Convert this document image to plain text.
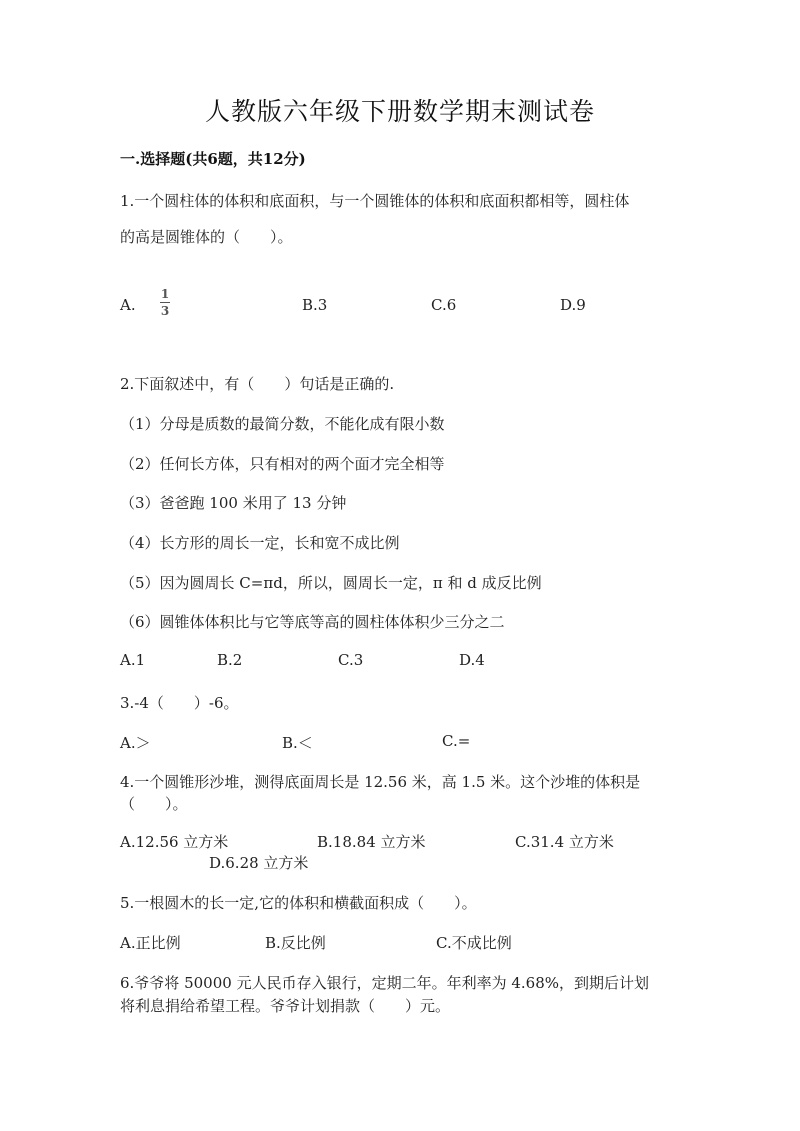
人教版六年级下册数学期末测试卷
一.选择题(共6题，共12分)
1.一个圆柱体的体积和底面积，与一个圆锥体的体积和底面积都相等，圆柱体
的高是圆锥体的（　　）。
A.
1
3	B.3	C.6	D.9
2.下面叙述中，有（　　）句话是正确的.
（1）分母是质数的最简分数，不能化成有限小数
（2）任何长方体，只有相对的两个面才完全相等
（3）爸爸跑 100 米用了 13 分钟
（4）长方形的周长一定，长和宽不成比例
（5）因为圆周长 C=πd，所以，圆周长一定，π 和 d 成反比例
（6）圆锥体体积比与它等底等高的圆柱体体积少三分之二
A.1	B.2	C.3	D.4
3.-4（　　）-6。
A.＞	B.＜	C.=
4.一个圆锥形沙堆，测得底面周长是 12.56 米，高 1.5 米。这个沙堆的体积是
（　　）。
A.12.56 立方米	B.18.84 立方米	C.31.4 立方米
D.6.28 立方米
5.一根圆木的长一定,它的体积和横截面积成（　　）。
A.正比例	B.反比例	C.不成比例
6.爷爷将 50000 元人民币存入银行，定期二年。年利率为 4.68%，到期后计划
将利息捐给希望工程。爷爷计划捐款（　　）元。
